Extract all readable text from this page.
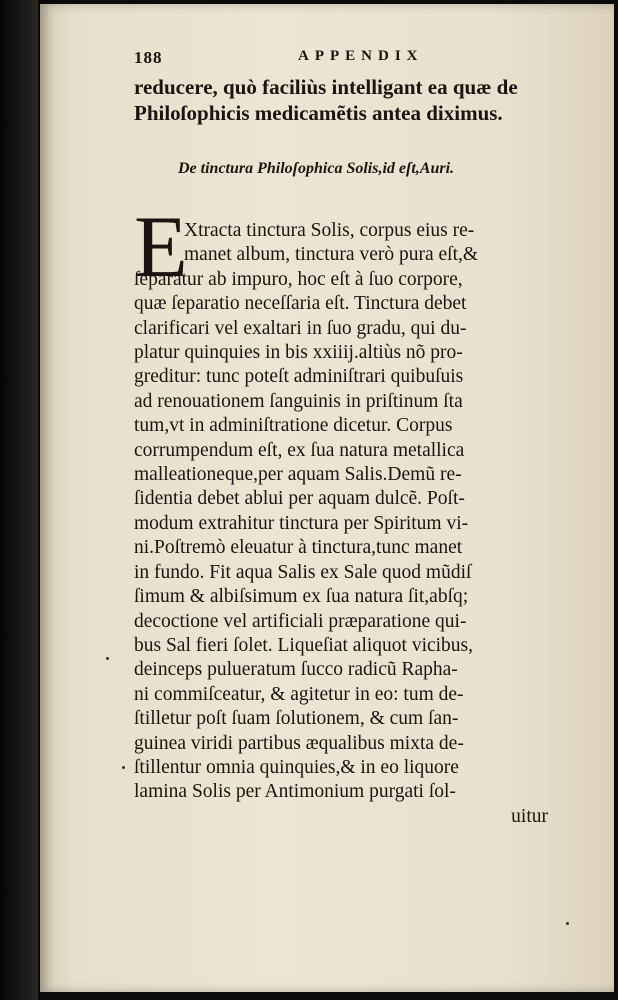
188	APPENDIX
reducere, quò faciliùs intelligant ea quæ de
Philoſophicis medicamẽtis antea diximus.
De tinctura Philoſophica Solis,id eſt,Auri.
E
Xtracta tinctura Solis, corpus eius re-
manet album, tinctura verò pura eſt,&
ſeparatur ab impuro, hoc eſt à ſuo corpore,
quæ ſeparatio neceſſaria eſt. Tinctura debet
clarificari vel exaltari in ſuo gradu, qui du-
platur quinquies in bis xxiiij.altiùs nõ pro-
greditur: tunc poteſt adminiſtrari quibuſuis
ad renouationem ſanguinis in priſtinum ſta
tum,vt in adminiſtratione dicetur. Corpus
corrumpendum eſt, ex ſua natura metallica
malleationeque,per aquam Salis.Demũ re-
ſidentia debet ablui per aquam dulcẽ. Poſt-
modum extrahitur tinctura per Spiritum vi-
ni.Poſtremò eleuatur à tinctura,tunc manet
in fundo. Fit aqua Salis ex Sale quod mũdiſ
ſimum & albiſsimum ex ſua natura ſit,abſq;
decoctione vel artificiali præparatione qui-
bus Sal fieri ſolet. Liqueſiat aliquot vicibus,
deinceps pulueratum ſucco radicũ Rapha-
ni commiſceatur, & agitetur in eo: tum de-
ſtilletur poſt ſuam ſolutionem, & cum ſan-
guinea viridi partibus æqualibus mixta de-
ſtillentur omnia quinquies,& in eo liquore
lamina Solis per Antimonium purgati ſol-
uitur
